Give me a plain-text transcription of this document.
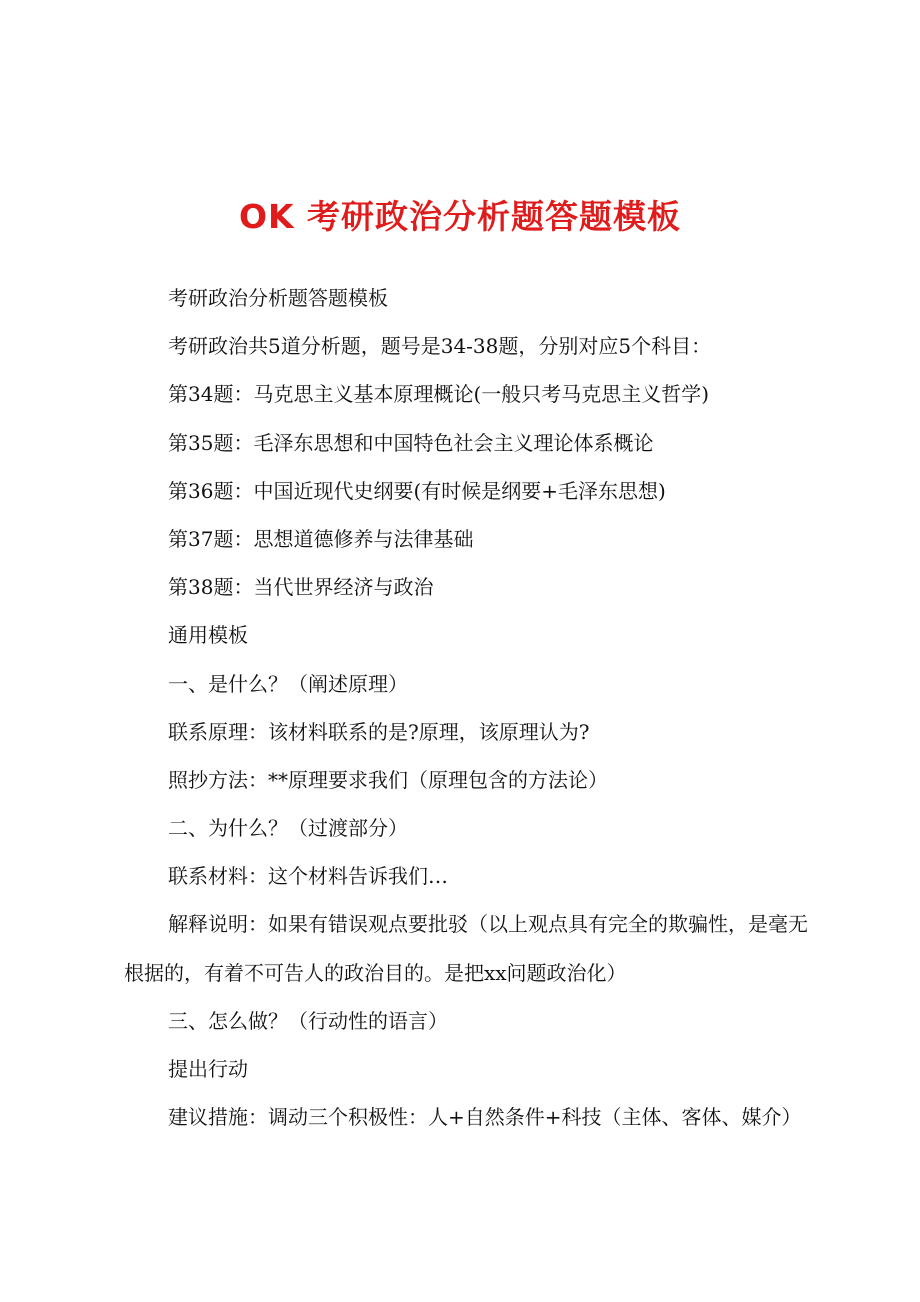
OK 考研政治分析题答题模板
考研政治分析题答题模板
考研政治共5道分析题，题号是34-38题，分别对应5个科目：
第34题：马克思主义基本原理概论(一般只考马克思主义哲学)
第35题：毛泽东思想和中国特色社会主义理论体系概论
第36题：中国近现代史纲要(有时候是纲要+毛泽东思想)
第37题：思想道德修养与法律基础
第38题：当代世界经济与政治
通用模板
一、是什么？（阐述原理）
联系原理：该材料联系的是?原理，该原理认为?
照抄方法：**原理要求我们（原理包含的方法论）
二、为什么？（过渡部分）
联系材料：这个材料告诉我们…
解释说明：如果有错误观点要批驳（以上观点具有完全的欺骗性，是毫无根据的，有着不可告人的政治目的。是把xx问题政治化）
三、怎么做？（行动性的语言）
提出行动
建议措施：调动三个积极性：人+自然条件+科技（主体、客体、媒介）
